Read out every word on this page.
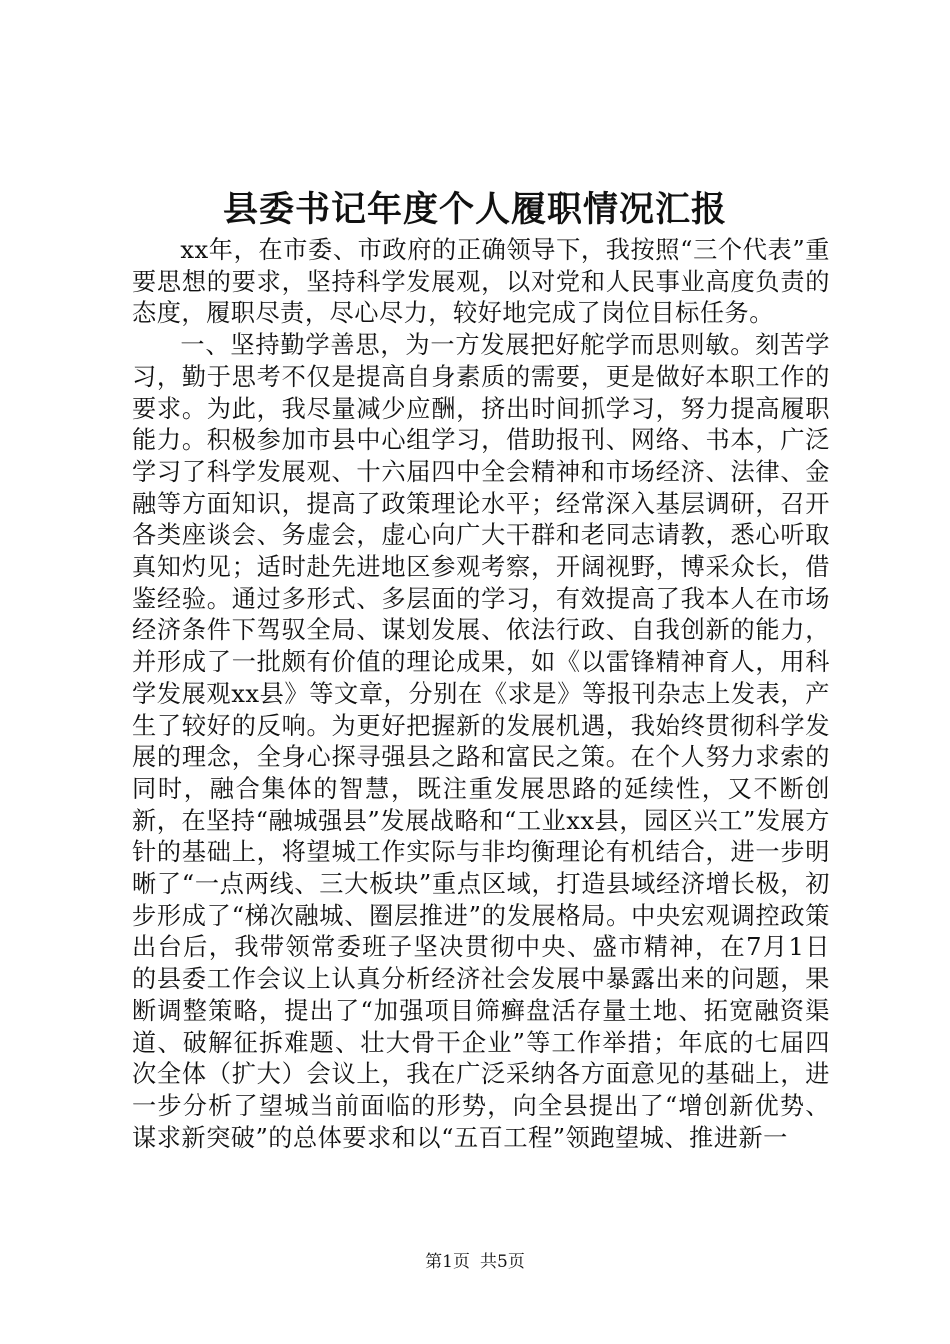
县委书记年度个人履职情况汇报

xx年，在市委、市政府的正确领导下，我按照“三个代表”重要思想的要求，坚持科学发展观，以对党和人民事业高度负责的态度，履职尽责，尽心尽力，较好地完成了岗位目标任务。

一、坚持勤学善思，为一方发展把好舵学而思则敏。刻苦学习，勤于思考不仅是提高自身素质的需要，更是做好本职工作的要求。为此，我尽量减少应酬，挤出时间抓学习，努力提高履职能力。积极参加市县中心组学习，借助报刊、网络、书本，广泛学习了科学发展观、十六届四中全会精神和市场经济、法律、金融等方面知识，提高了政策理论水平；经常深入基层调研，召开各类座谈会、务虚会，虚心向广大干群和老同志请教，悉心听取真知灼见；适时赴先进地区参观考察，开阔视野，博采众长，借鉴经验。通过多形式、多层面的学习，有效提高了我本人在市场经济条件下驾驭全局、谋划发展、依法行政、自我创新的能力，并形成了一批颇有价值的理论成果，如《以雷锋精神育人，用科学发展观xx县》等文章，分别在《求是》等报刊杂志上发表，产生了较好的反响。为更好把握新的发展机遇，我始终贯彻科学发展的理念，全身心探寻强县之路和富民之策。在个人努力求索的同时，融合集体的智慧，既注重发展思路的延续性，又不断创新，在坚持“融城强县”发展战略和“工业xx县，园区兴工”发展方针的基础上，将望城工作实际与非均衡理论有机结合，进一步明晰了“一点两线、三大板块”重点区域，打造县域经济增长极，初步形成了“梯次融城、圈层推进”的发展格局。中央宏观调控政策出台后，我带领常委班子坚决贯彻中央、盛市精神，在7月1日的县委工作会议上认真分析经济社会发展中暴露出来的问题，果断调整策略，提出了“加强项目筛癣盘活存量土地、拓宽融资渠道、破解征拆难题、壮大骨干企业”等工作举措；年底的七届四次全体（扩大）会议上，我在广泛采纳各方面意见的基础上，进一步分析了望城当前面临的形势，向全县提出了“增创新优势、谋求新突破”的总体要求和以“五百工程”领跑望城、推进新一

第1页 共5页
